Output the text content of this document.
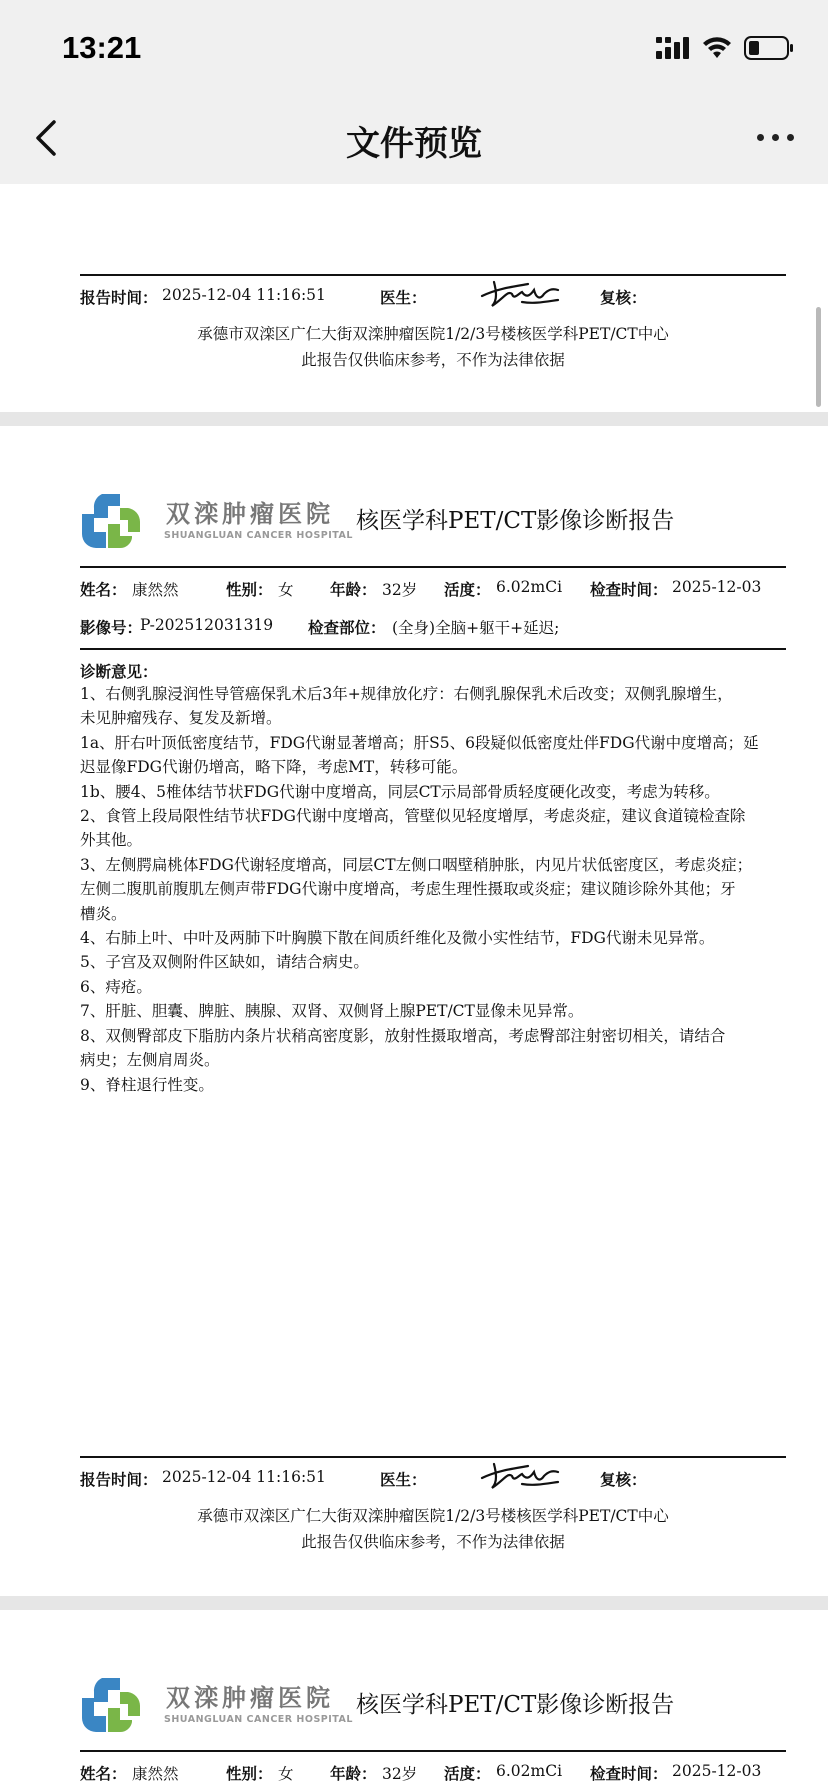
13:21
文件预览
报告时间： 2025-12-04 11:16:51	医生：	复核：
承德市双滦区广仁大街双滦肿瘤医院1/2/3号楼核医学科PET/CT中心
此报告仅供临床参考，不作为法律依据
双滦肿瘤医院
SHUANGLUAN CANCER HOSPITAL
核医学科PET/CT影像诊断报告
姓名： 康然然	性别： 女 年龄： 32岁 活度： 6.02mCi 检查时间： 2025-12-03
影像号：
P-202512031319 检查部位： (全身)全脑+躯干+延迟;
诊断意见：

1、右侧乳腺浸润性导管癌保乳术后3年+规律放化疗：右侧乳腺保乳术后改变；双侧乳腺增生，

未见肿瘤残存、复发及新增。

1a、肝右叶顶低密度结节，FDG代谢显著增高；肝S5、6段疑似低密度灶伴FDG代谢中度增高；延

迟显像FDG代谢仍增高，略下降，考虑MT，转移可能。

1b、腰4、5椎体结节状FDG代谢中度增高，同层CT示局部骨质轻度硬化改变，考虑为转移。

2、食管上段局限性结节状FDG代谢中度增高，管壁似见轻度增厚，考虑炎症，建议食道镜检查除

外其他。

3、左侧腭扁桃体FDG代谢轻度增高，同层CT左侧口咽壁稍肿胀，内见片状低密度区，考虑炎症；

左侧二腹肌前腹肌左侧声带FDG代谢中度增高，考虑生理性摄取或炎症；建议随诊除外其他；牙

槽炎。

4、右肺上叶、中叶及两肺下叶胸膜下散在间质纤维化及微小实性结节，FDG代谢未见异常。

5、子宫及双侧附件区缺如，请结合病史。

6、痔疮。

7、肝脏、胆囊、脾脏、胰腺、双肾、双侧肾上腺PET/CT显像未见异常。

8、双侧臀部皮下脂肪内条片状稍高密度影，放射性摄取增高，考虑臀部注射密切相关，请结合

病史；左侧肩周炎。

9、脊柱退行性变。

报告时间： 2025-12-04 11:16:51	医生：	复核：
承德市双滦区广仁大街双滦肿瘤医院1/2/3号楼核医学科PET/CT中心
此报告仅供临床参考，不作为法律依据
双滦肿瘤医院
SHUANGLUAN CANCER HOSPITAL
核医学科PET/CT影像诊断报告
姓名： 康然然	性别： 女 年龄： 32岁 活度： 6.02mCi 检查时间： 2025-12-03
